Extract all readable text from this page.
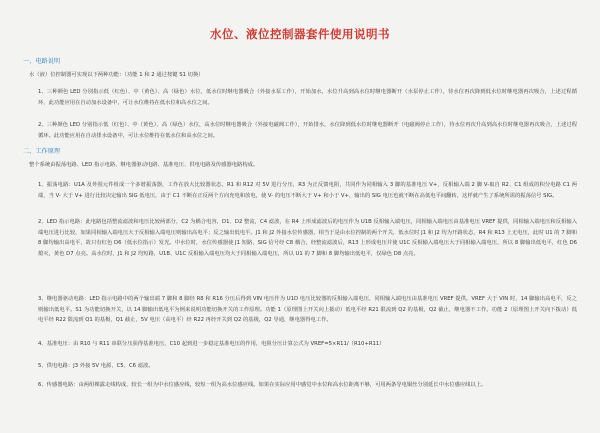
水位、液位控制器套件使用说明书
一、电路说明
水（液）位控制器可实现以下两种功能：（功能 1 和 2 通过按键 S1 切换）
1、三种颜色 LED 分别指示低（红色）、中（黄色）、高（绿色）水位，低水位时继电器吸合（外接水泵工作），开始加水，水位升高到高水位时继电器断开（水泵停止工作），待水位再次降到低水位时继电器再次吸合，上述过程循环，此功能应用在自动加水设备中，可让水位维持在低水位和高水位之间。
2、三种颜色 LED 分别指示低（红色）、中（黄色）、高（绿色）水位，高水位时继电器吸合（外接电磁阀工作），开始排水，水位降到低水位时继电器断开（电磁阀停止工作），待水位再次升高到高水位时继电器再次吸合，上述过程循环。此功能应用在自动排水设备中，可让水位维持在低水位和高水位之间。
二、工作原理
整个系统由振荡电路、LED 指示电路、继电器驱动电路、基准电压、供电电路及传感器电路构成。
1、振荡电路：U1A 及外围元件组成一个多谐振荡器，工作在放大比较器状态，R1 和 R12 对 5V 进行分压，R3 为正反馈电阻，共同作为同相输入 3 脚的基准电压 V+，反相输入端 2 脚 V-取自 R2、C1 组成的积分电路 C1 两端，当 V- 大于 V+ 进行比较决定输出 SIG 低电压，由于 C1 不断在正反两个方向充电和放电，使 V- 的电压不断大于 V+ 和小于 V+，输出的 SIG 电压也就不断在高低电平间翻转，这样就产生了系统所需的振荡信号 SIG。
2、LED 指示电路：此电路包括整流滤波和电压比较两部分，C2 为耦合电容，D1、D2 整流，C4 滤波，在 R4 上形成滤波后的电压作为 U1B 反相输入端电压，同相输入端电压由基准电压 VREF 提供，同相输入端电压和反相输入端电压进行比较，如果同相输入端电压大于反相输入端电压则输出高电平；反之输出低电平。J1 和 J2 外接水位传感器，相当于是由水位控制的两个开关，低水位时 J1 和 J2 均为开路状态，R4 和 R13 上无电压，此时 U1 的 7 脚和 8 脚均输出高电平，故只有红色 D6（低水位指示）发光。中水位时，水位传感器使 J1 短路，SIG 信号经 C8 耦合，经整流滤波后，R13 上形成电压并使 U1C 反相输入端电压大于同相输入端电压，所以 8 脚输出低电平，红色 D6 熄灭，黄色 D7 点亮。高水位时，J1 和 J2 均短路，U1B、U1C 反相输入端电压均大于同相输入端电压，所以 U1 的 7 脚和 8 脚均输出低电平，仅绿色 D8 点亮。
3、继电器驱动电路：LED 指示电路中的两个输出端 7 脚和 8 脚经 R8 和 R16 分压后得到 VIN 电压作为 U1D 电压比较器的反相输入端电压，同相输入端电压由基准电压 VREF 提供。VREF 大于 VIN 时，14 脚输出高电平，反之则输出低电平。S1 为功能切换开关，以 14 脚输出低电平为例来说明功能切换开关的工作原理。功能 1（原理图上开关向上拨动）低电平经 R21 限流到 Q2 的基极，Q2 截止，继电器不工作。功能 2（原理图上开关向下拨动）低电平经 R22 限流到 Q1 的基极，Q1 截止，5V 电压（高电平）经 R22 再经开关到 Q2 的基极，Q2 导通，继电器得电工作。
4、基准电压：由 R10 与 R11 串联分压获得基准电压，C10 起到进一步稳定基准电压的作用，电阻分压计算公式为 VREF=5×R11/（R10+R11）
5、供电电路：J3 外接 5V 电源，C5、C6 滤波。
6、传感器电路：由两组裸露走线构成，较长一组为中水位感应线，较短一组为高水位感应线。如果在实际应用中感觉中水位和高水位距离不够，可用两条导电铜丝分别延长中水位感应线以上。
